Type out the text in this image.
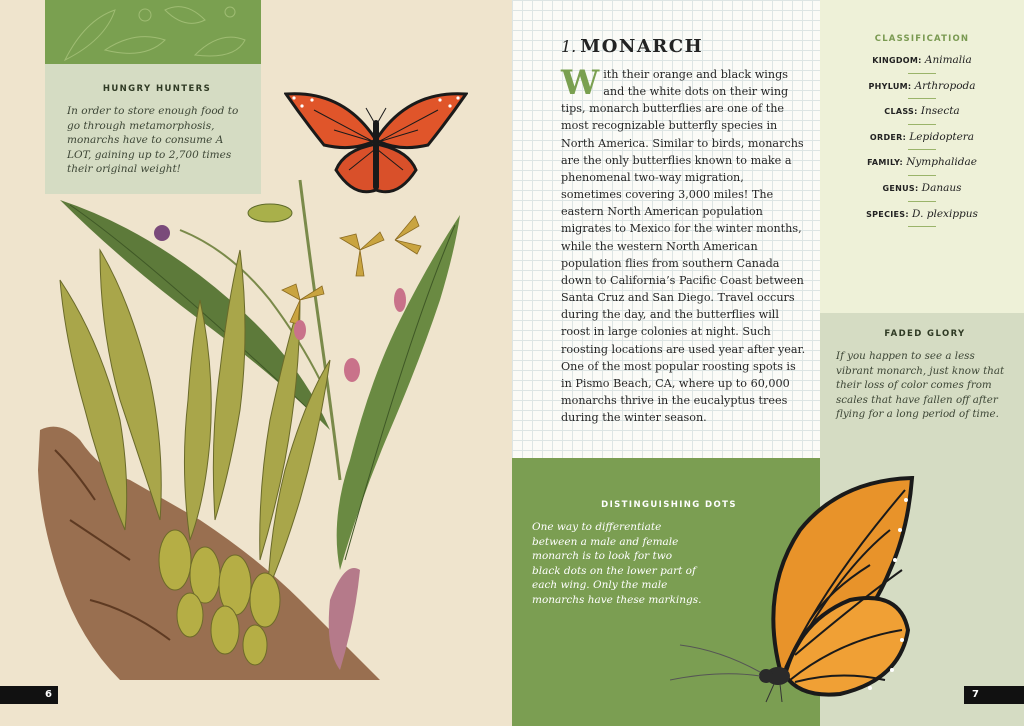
HUNGRY HUNTERS
In order to store enough food to go through metamorphosis, monarchs have to consume A LOT, gaining up to 2,700 times their original weight!
6
1. MONARCH
With their orange and black wings and the white dots on their wing tips, monarch butterflies are one of the most recognizable butterfly species in North America. Similar to birds, monarchs are the only butterflies known to make a phenomenal two-way migration, sometimes covering 3,000 miles! The eastern North American population migrates to Mexico for the winter months, while the western North American population flies from southern Canada down to California’s Pacific Coast between Santa Cruz and San Diego. Travel occurs during the day, and the butterflies will roost in large colonies at night. Such roosting locations are used year after year. One of the most popular roosting spots is in Pismo Beach, CA, where up to 60,000 monarchs thrive in the eucalyptus trees during the winter season.
DISTINGUISHING DOTS
One way to differentiate between a male and female monarch is to look for two black dots on the lower part of each wing. Only the male monarchs have these markings.
CLASSIFICATION
KINGDOM: Animalia
PHYLUM: Arthropoda
CLASS: Insecta
ORDER: Lepidoptera
FAMILY: Nymphalidae
GENUS: Danaus
SPECIES: D. plexippus
FADED GLORY
If you happen to see a less vibrant monarch, just know that their loss of color comes from scales that have fallen off after flying for a long period of time.
7
